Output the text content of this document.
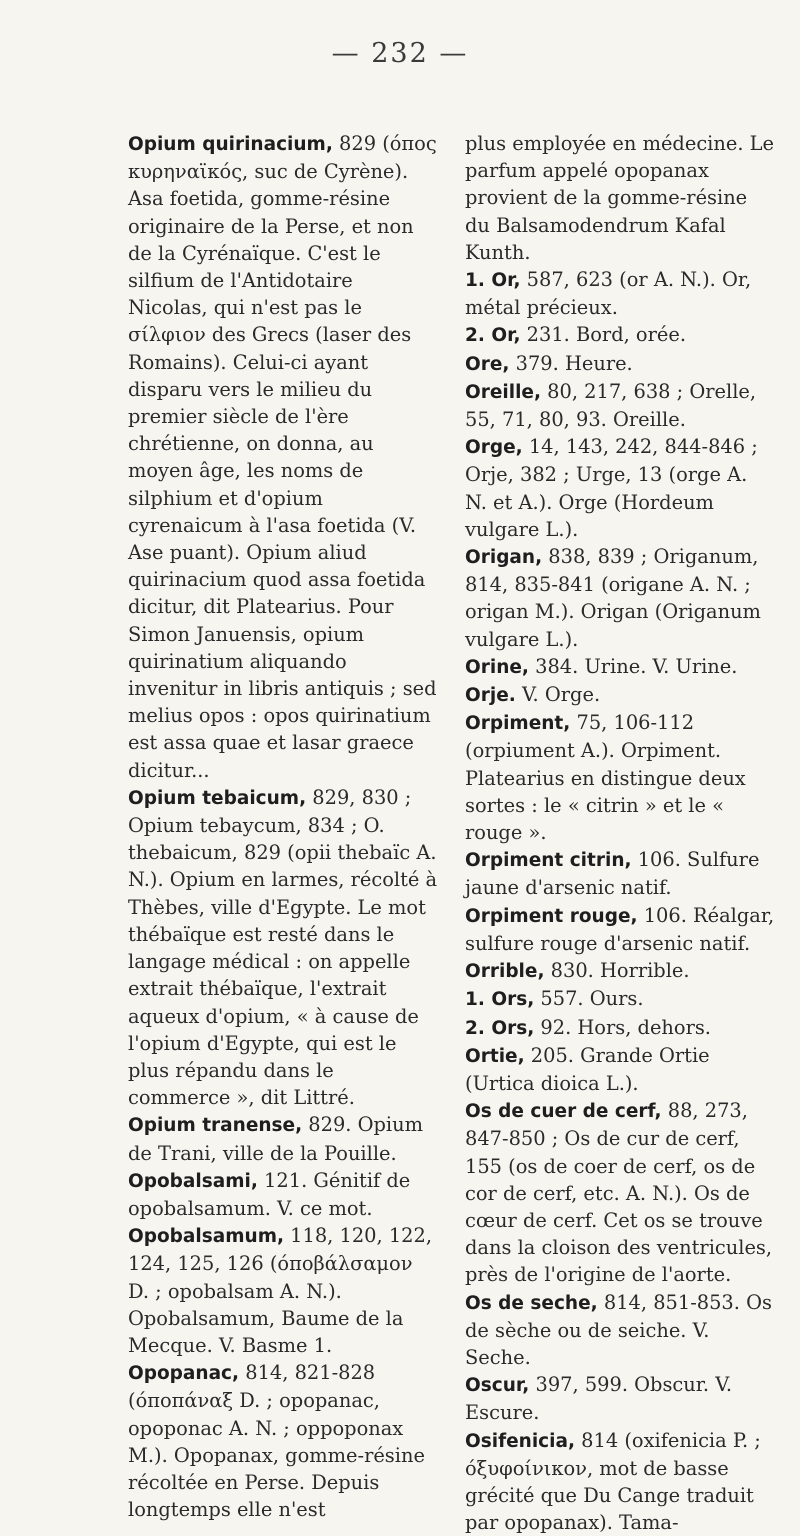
— 232 —

Opium quirinacium, 829 (όπος κυρηναϊκός, suc de Cyrène). Asa foetida, gomme-résine originaire de la Perse, et non de la Cyrénaïque. C'est le silfium de l'Antidotaire Nicolas, qui n'est pas le σίλφιον des Grecs (laser des Romains). Celui-ci ayant disparu vers le milieu du premier siècle de l'ère chrétienne, on donna, au moyen âge, les noms de silphium et d'opium cyrenaicum à l'asa foetida (V. Ase puant). Opium aliud quirinacium quod assa foetida dicitur, dit Platearius. Pour Simon Januensis, opium quirinatium aliquando invenitur in libris antiquis ; sed melius opos : opos quirinatium est assa quae et lasar graece dicitur...

Opium tebaicum, 829, 830 ; Opium tebaycum, 834 ; O. thebaicum, 829 (opii thebaïc A. N.). Opium en larmes, récolté à Thèbes, ville d'Egypte. Le mot thébaïque est resté dans le langage médical : on appelle extrait thébaïque, l'extrait aqueux d'opium, « à cause de l'opium d'Egypte, qui est le plus répandu dans le commerce », dit Littré.

Opium tranense, 829. Opium de Trani, ville de la Pouille.

Opobalsami, 121. Génitif de opobalsamum. V. ce mot.

Opobalsamum, 118, 120, 122, 124, 125, 126 (όποβάλσαμον D. ; opobalsam A. N.). Opobalsamum, Baume de la Mecque. V. Basme 1.

Opopanac, 814, 821-828 (όποπάναξ D. ; opopanac, opoponac A. N. ; oppoponax M.). Opopanax, gomme-résine récoltée en Perse. Depuis longtemps elle n'est

plus employée en médecine. Le parfum appelé opopanax provient de la gomme-résine du Balsamodendrum Kafal Kunth.

1. Or, 587, 623 (or A. N.). Or, métal précieux.

2. Or, 231. Bord, orée.

Ore, 379. Heure.

Oreille, 80, 217, 638 ; Orelle, 55, 71, 80, 93. Oreille.

Orge, 14, 143, 242, 844-846 ; Orje, 382 ; Urge, 13 (orge A. N. et A.). Orge (Hordeum vulgare L.).

Origan, 838, 839 ; Origanum, 814, 835-841 (origane A. N. ; origan M.). Origan (Origanum vulgare L.).

Orine, 384. Urine. V. Urine.

Orje. V. Orge.

Orpiment, 75, 106-112 (orpiument A.). Orpiment. Platearius en distingue deux sortes : le « citrin » et le « rouge ».

Orpiment citrin, 106. Sulfure jaune d'arsenic natif.

Orpiment rouge, 106. Réalgar, sulfure rouge d'arsenic natif.

Orrible, 830. Horrible.

1. Ors, 557. Ours.

2. Ors, 92. Hors, dehors.

Ortie, 205. Grande Ortie (Urtica dioica L.).

Os de cuer de cerf, 88, 273, 847-850 ; Os de cur de cerf, 155 (os de coer de cerf, os de cor de cerf, etc. A. N.). Os de cœur de cerf. Cet os se trouve dans la cloison des ventricules, près de l'origine de l'aorte.

Os de seche, 814, 851-853. Os de sèche ou de seiche. V. Seche.

Oscur, 397, 599. Obscur. V. Escure.

Osifenicia, 814 (oxifenicia P. ; όξυφοίνικον, mot de basse grécité que Du Cange traduit par opopanax). Tama-
